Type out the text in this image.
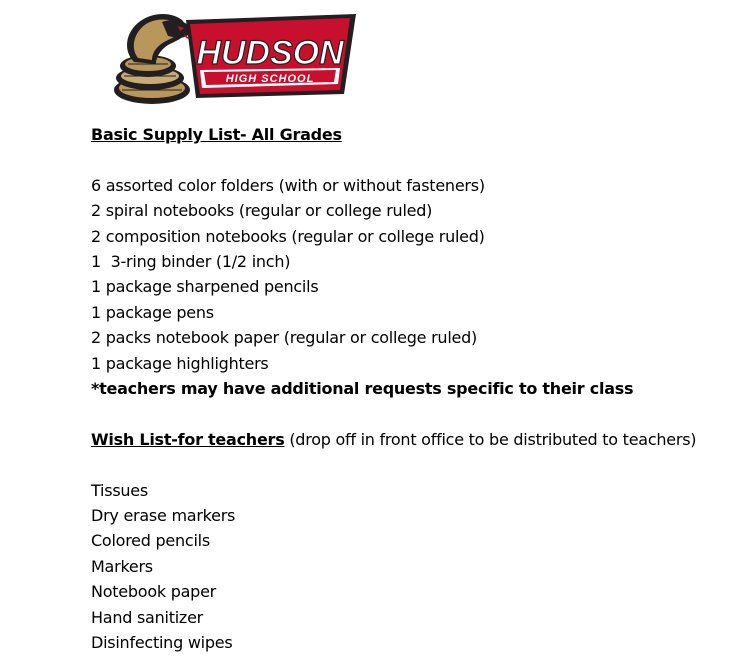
HUDSON
HIGH SCHOOL

Basic Supply List- All Grades

6 assorted color folders (with or without fasteners)
2 spiral notebooks (regular or college ruled)
2 composition notebooks (regular or college ruled)
1  3-ring binder (1/2 inch)
1 package sharpened pencils
1 package pens
2 packs notebook paper (regular or college ruled)
1 package highlighters

*teachers may have additional requests specific to their class

Wish List-for teachers (drop off in front office to be distributed to teachers)

Tissues
Dry erase markers
Colored pencils
Markers
Notebook paper
Hand sanitizer
Disinfecting wipes
